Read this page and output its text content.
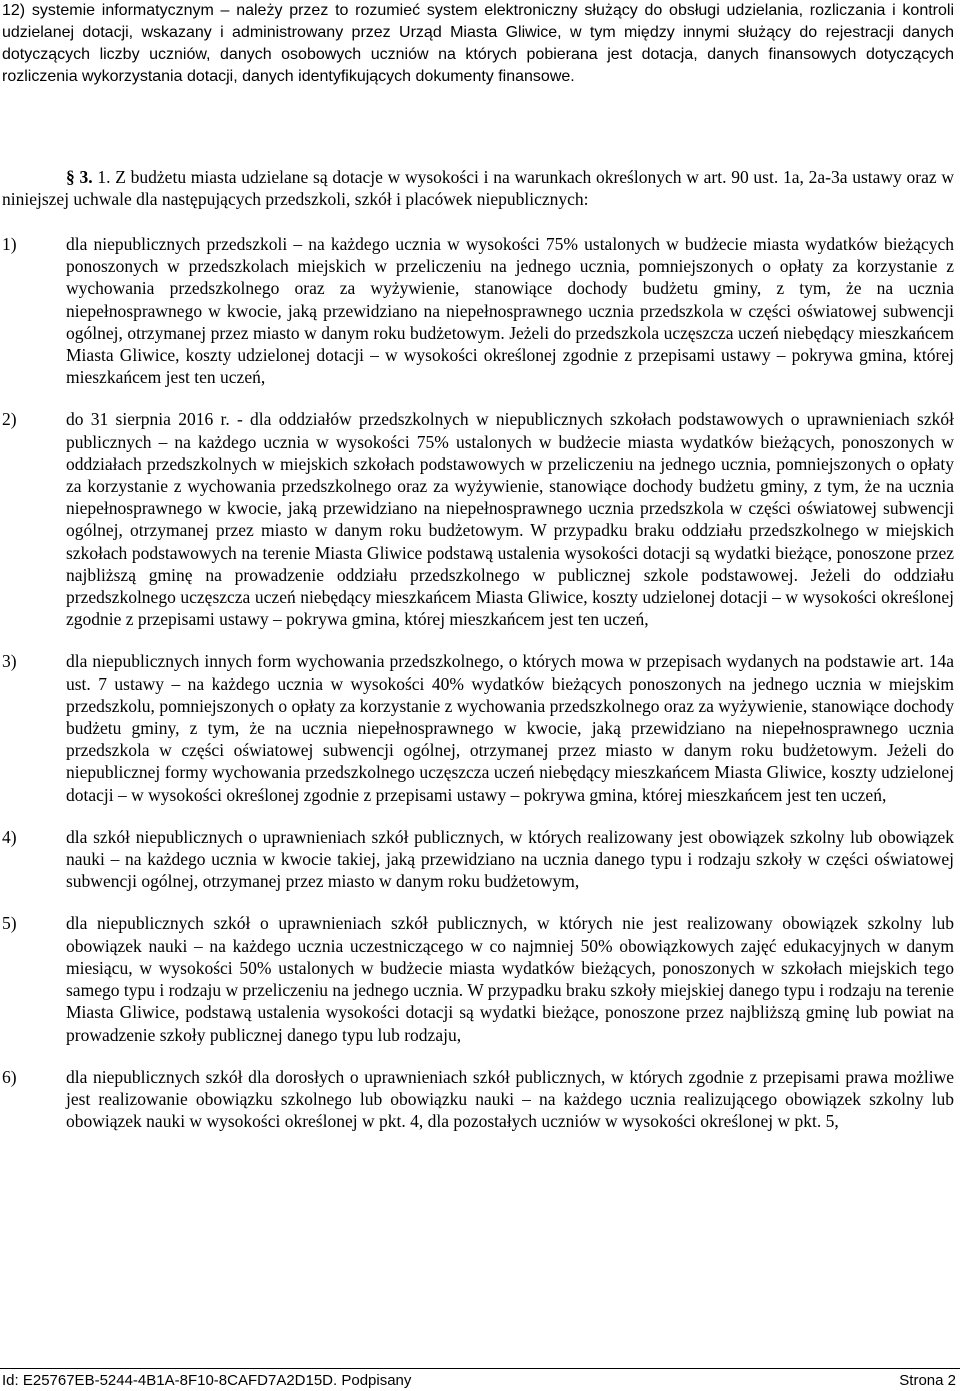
12) systemie informatycznym – należy przez to rozumieć system elektroniczny służący do obsługi udzielania, rozliczania i kontroli udzielanej dotacji, wskazany i administrowany przez Urząd Miasta Gliwice, w tym między innymi służący do rejestracji danych dotyczących liczby uczniów, danych osobowych uczniów na których pobierana jest dotacja, danych finansowych dotyczących rozliczenia wykorzystania dotacji, danych identyfikujących dokumenty finansowe.
§ 3. 1. Z budżetu miasta udzielane są dotacje w wysokości i na warunkach określonych w art. 90 ust. 1a, 2a-3a ustawy oraz w niniejszej uchwale dla następujących przedszkoli, szkół i placówek niepublicznych:
1)	dla niepublicznych przedszkoli – na każdego ucznia w wysokości 75% ustalonych w budżecie miasta wydatków bieżących ponoszonych w przedszkolach miejskich w przeliczeniu na jednego ucznia, pomniejszonych o opłaty za korzystanie z wychowania przedszkolnego oraz za wyżywienie, stanowiące dochody budżetu gminy, z tym, że na ucznia niepełnosprawnego w kwocie, jaką przewidziano na niepełnosprawnego ucznia przedszkola w części oświatowej subwencji ogólnej, otrzymanej przez miasto w danym roku budżetowym. Jeżeli do przedszkola uczęszcza uczeń niebędący mieszkańcem Miasta Gliwice, koszty udzielonej dotacji – w wysokości określonej zgodnie z przepisami ustawy – pokrywa gmina, której mieszkańcem jest ten uczeń,
2)	do 31 sierpnia 2016 r. - dla oddziałów przedszkolnych w niepublicznych szkołach podstawowych o uprawnieniach szkół publicznych – na każdego ucznia w wysokości 75% ustalonych w budżecie miasta wydatków bieżących, ponoszonych w oddziałach przedszkolnych w miejskich szkołach podstawowych w przeliczeniu na jednego ucznia, pomniejszonych o opłaty za korzystanie z wychowania przedszkolnego oraz za wyżywienie, stanowiące dochody budżetu gminy, z tym, że na ucznia niepełnosprawnego w kwocie, jaką przewidziano na niepełnosprawnego ucznia przedszkola w części oświatowej subwencji ogólnej, otrzymanej przez miasto w danym roku budżetowym. W przypadku braku oddziału przedszkolnego w miejskich szkołach podstawowych na terenie Miasta Gliwice podstawą ustalenia wysokości dotacji są wydatki bieżące, ponoszone przez najbliższą gminę na prowadzenie oddziału przedszkolnego w publicznej szkole podstawowej. Jeżeli do oddziału przedszkolnego uczęszcza uczeń niebędący mieszkańcem Miasta Gliwice, koszty udzielonej dotacji – w wysokości określonej zgodnie z przepisami ustawy – pokrywa gmina, której mieszkańcem jest ten uczeń,
3)	dla niepublicznych innych form wychowania przedszkolnego, o których mowa w przepisach wydanych na podstawie art. 14a ust. 7 ustawy – na każdego ucznia w wysokości 40% wydatków bieżących ponoszonych na jednego ucznia w miejskim przedszkolu, pomniejszonych o opłaty za korzystanie z wychowania przedszkolnego oraz za wyżywienie, stanowiące dochody budżetu gminy, z tym, że na ucznia niepełnosprawnego w kwocie, jaką przewidziano na niepełnosprawnego ucznia przedszkola w części oświatowej subwencji ogólnej, otrzymanej przez miasto w danym roku budżetowym. Jeżeli do niepublicznej formy wychowania przedszkolnego uczęszcza uczeń niebędący mieszkańcem Miasta Gliwice, koszty udzielonej dotacji – w wysokości określonej zgodnie z przepisami ustawy – pokrywa gmina, której mieszkańcem jest ten uczeń,
4)	dla szkół niepublicznych o uprawnieniach szkół publicznych, w których realizowany jest obowiązek szkolny lub obowiązek nauki – na każdego ucznia w kwocie takiej, jaką przewidziano na ucznia danego typu i rodzaju szkoły w części oświatowej subwencji ogólnej, otrzymanej przez miasto w danym roku budżetowym,
5)	dla niepublicznych szkół o uprawnieniach szkół publicznych, w których nie jest realizowany obowiązek szkolny lub obowiązek nauki – na każdego ucznia uczestniczącego w co najmniej 50% obowiązkowych zajęć edukacyjnych w danym miesiącu, w wysokości 50% ustalonych w budżecie miasta wydatków bieżących, ponoszonych w szkołach miejskich tego samego typu i rodzaju w przeliczeniu na jednego ucznia. W przypadku braku szkoły miejskiej danego typu i rodzaju na terenie Miasta Gliwice, podstawą ustalenia wysokości dotacji są wydatki bieżące, ponoszone przez najbliższą gminę lub powiat na prowadzenie szkoły publicznej danego typu lub rodzaju,
6)	dla niepublicznych szkół dla dorosłych o uprawnieniach szkół publicznych, w których zgodnie z przepisami prawa możliwe jest realizowanie obowiązku szkolnego lub obowiązku nauki – na każdego ucznia realizującego obowiązek szkolny lub obowiązek nauki w wysokości określonej w pkt. 4, dla pozostałych uczniów w wysokości określonej w pkt. 5,
Id: E25767EB-5244-4B1A-8F10-8CAFD7A2D15D. Podpisany	Strona 2
